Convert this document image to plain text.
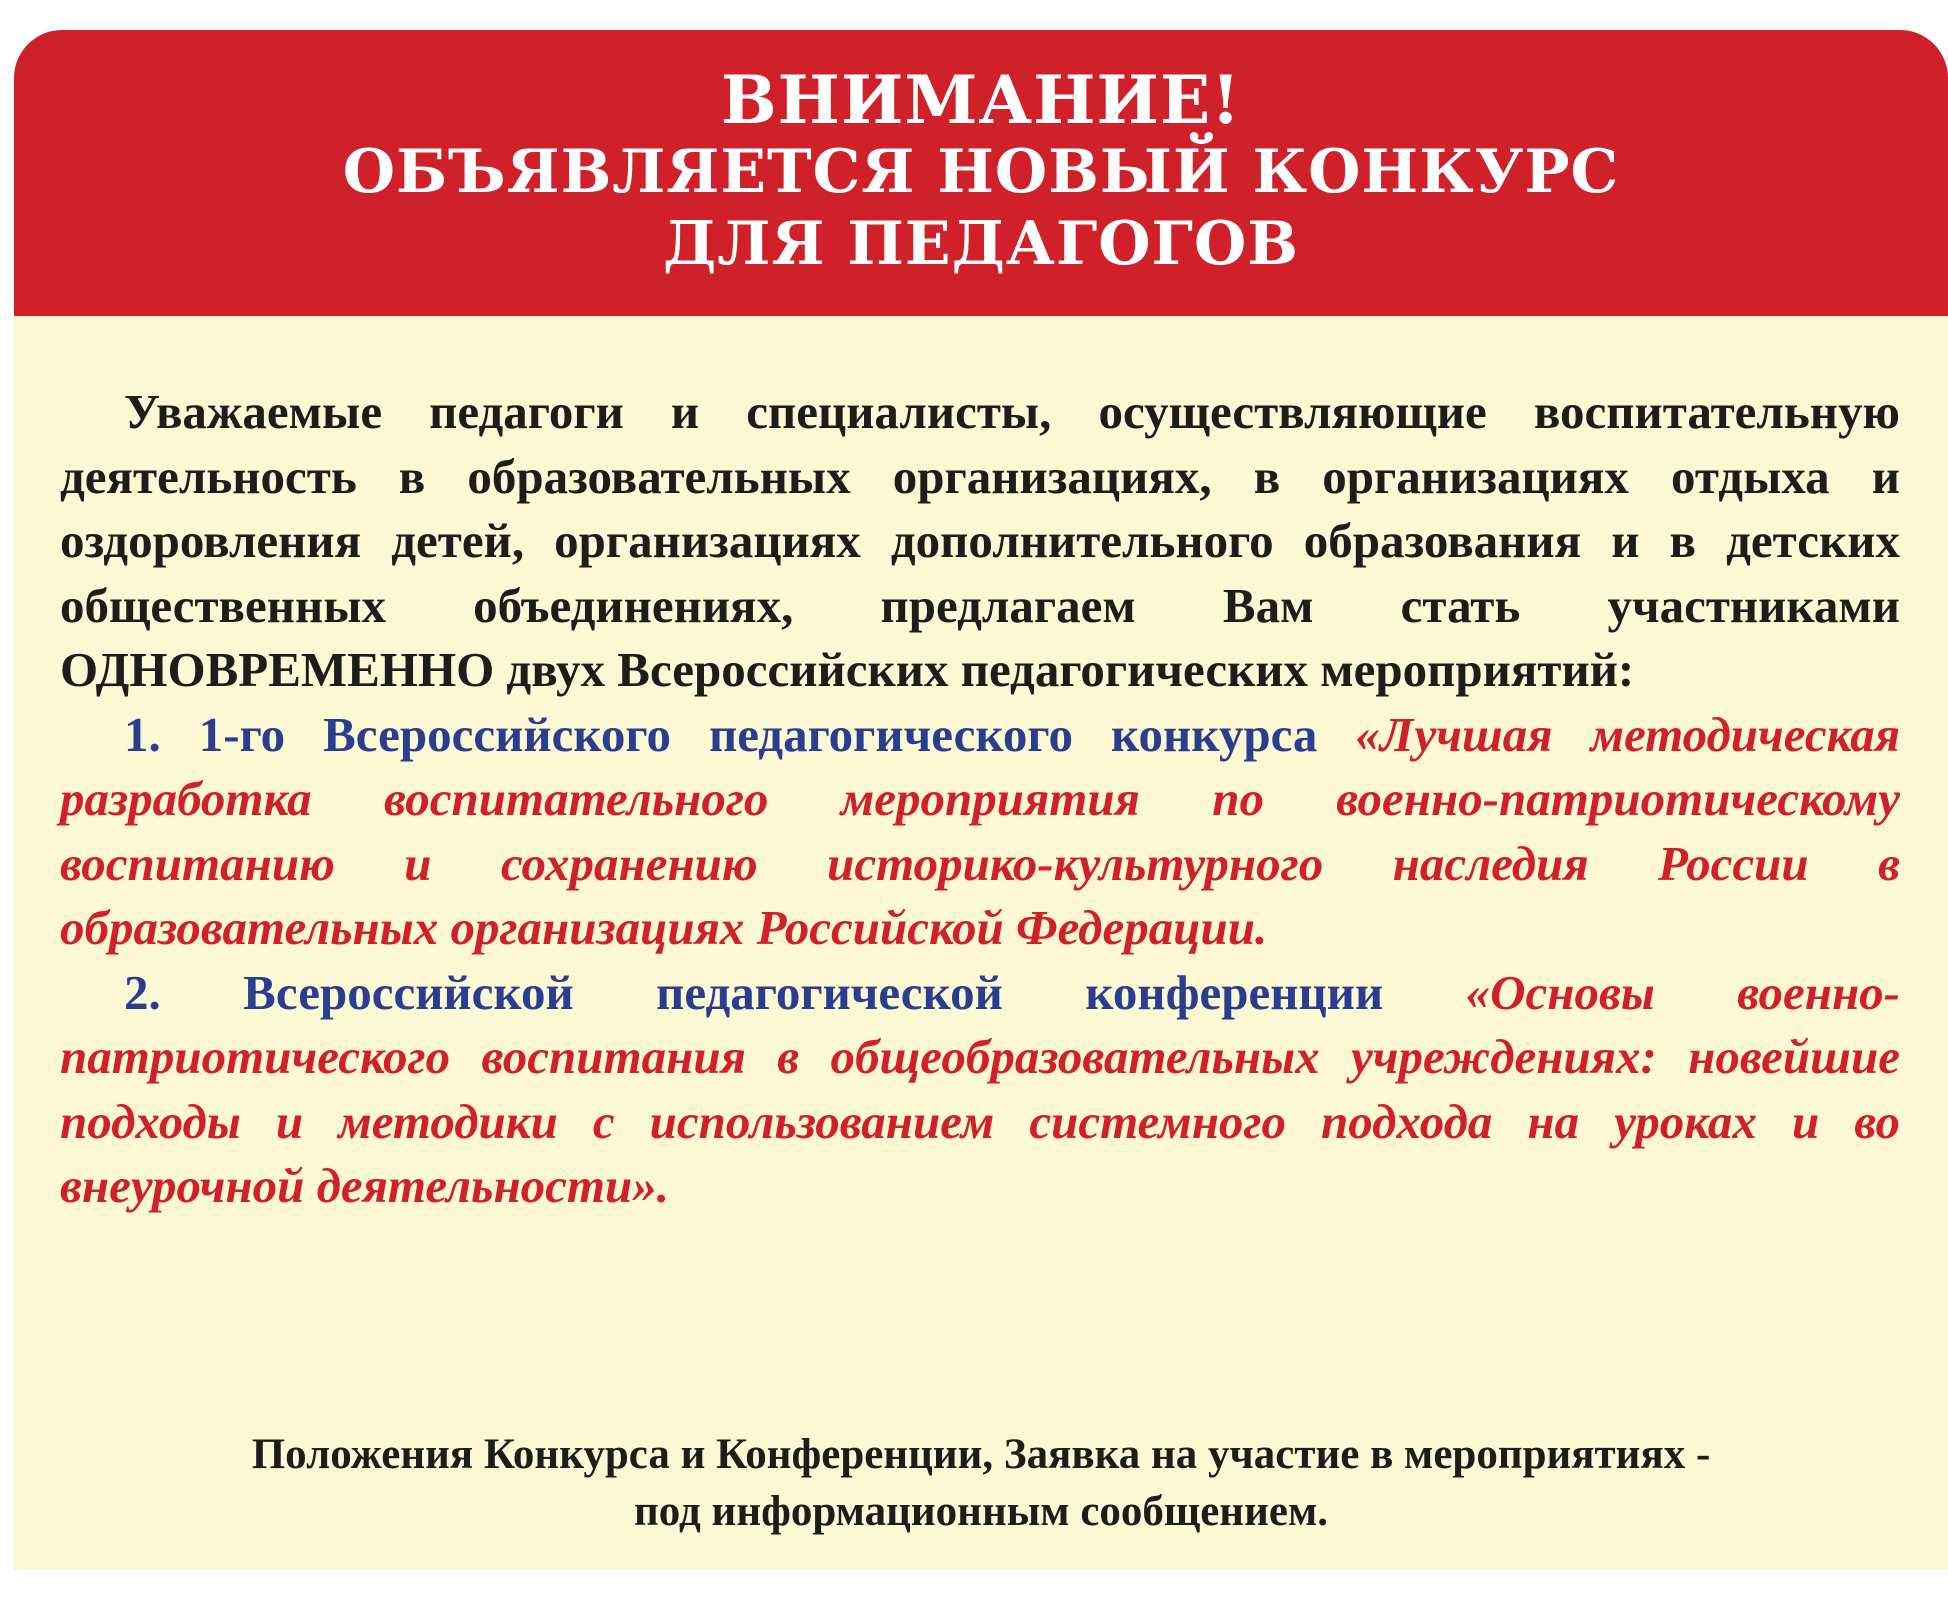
ВНИМАНИЕ!
ОБЪЯВЛЯЕТСЯ НОВЫЙ КОНКУРС
ДЛЯ ПЕДАГОГОВ

Уважаемые педагоги и специалисты, осуществляющие воспитательную деятельность в образовательных организациях, в организациях отдыха и оздоровления детей, организациях дополнительного образования и в детских общественных объединениях, предлагаем Вам стать участниками ОДНОВРЕМЕННО двух Всероссийских педагогических мероприятий:

1. 1-го Всероссийского педагогического конкурса «Лучшая методическая разработка воспитательного мероприятия по военно-патриотическому воспитанию и сохранению историко-культурного наследия России в образовательных организациях Российской Федерации.

2. Всероссийской педагогической конференции «Основы военно-патриотического воспитания в общеобразовательных учреждениях: новейшие подходы и методики с использованием системного подхода на уроках и во внеурочной деятельности».

Положения Конкурса и Конференции, Заявка на участие в мероприятиях -
под информационным сообщением.
